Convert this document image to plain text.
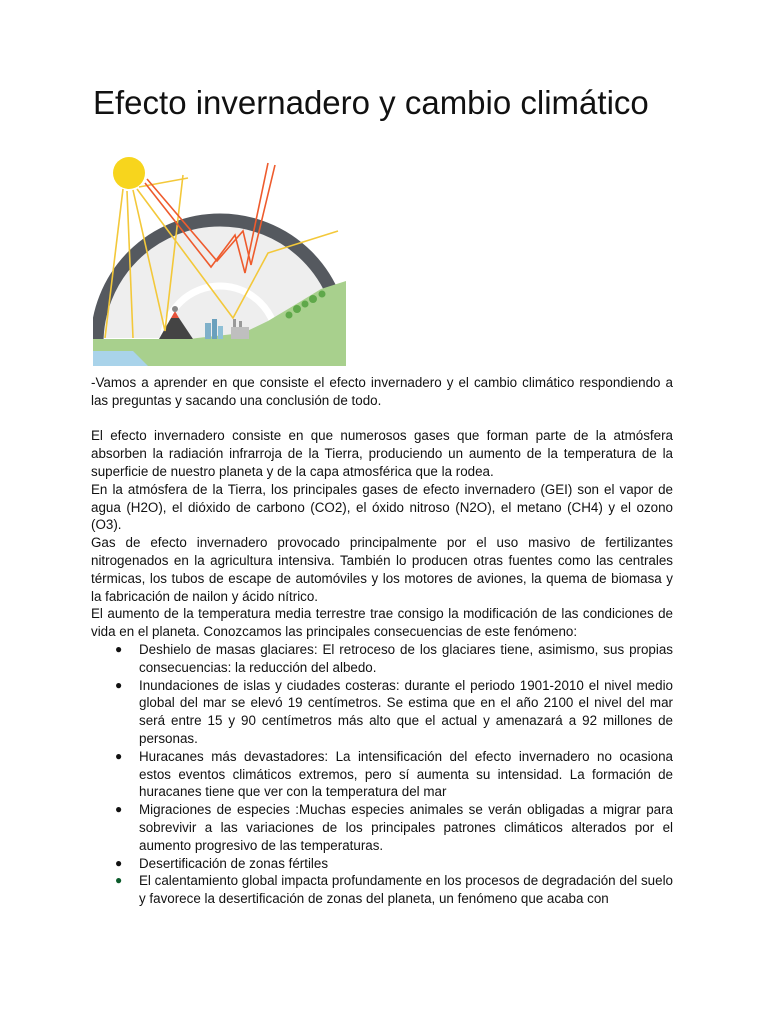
Efecto invernadero y cambio climático

-Vamos a aprender en que consiste el efecto invernadero y el cambio climático respondiendo a las preguntas y sacando una conclusión de todo.

El efecto invernadero consiste en que numerosos gases que forman parte de la atmósfera absorben la radiación infrarroja de la Tierra, produciendo un aumento de la temperatura de la superficie de nuestro planeta y de la capa atmosférica que la rodea.

En la atmósfera de la Tierra, los principales gases de efecto invernadero (GEI) son el vapor de agua (H2O), el dióxido de carbono (CO2), el óxido nitroso (N2O), el metano (CH4) y el ozono (O3).

Gas de efecto invernadero provocado principalmente por el uso masivo de fertilizantes nitrogenados en la agricultura intensiva. También lo producen otras fuentes como las centrales térmicas, los tubos de escape de automóviles y los motores de aviones, la quema de biomasa y la fabricación de nailon y ácido nítrico.

El aumento de la temperatura media terrestre trae consigo la modificación de las condiciones de vida en el planeta. Conozcamos las principales consecuencias de este fenómeno:

● Deshielo de masas glaciares: El retroceso de los glaciares tiene, asimismo, sus propias consecuencias: la reducción del albedo.
● Inundaciones de islas y ciudades costeras: durante el periodo 1901-2010 el nivel medio global del mar se elevó 19 centímetros. Se estima que en el año 2100 el nivel del mar será entre 15 y 90 centímetros más alto que el actual y amenazará a 92 millones de personas.
● Huracanes más devastadores: La intensificación del efecto invernadero no ocasiona estos eventos climáticos extremos, pero sí aumenta su intensidad. La formación de huracanes tiene que ver con la temperatura del mar
● Migraciones de especies :Muchas especies animales se verán obligadas a migrar para sobrevivir a las variaciones de los principales patrones climáticos alterados por el aumento progresivo de las temperaturas.
● Desertificación de zonas fértiles
● El calentamiento global impacta profundamente en los procesos de degradación del suelo y favorece la desertificación de zonas del planeta, un fenómeno que acaba con
